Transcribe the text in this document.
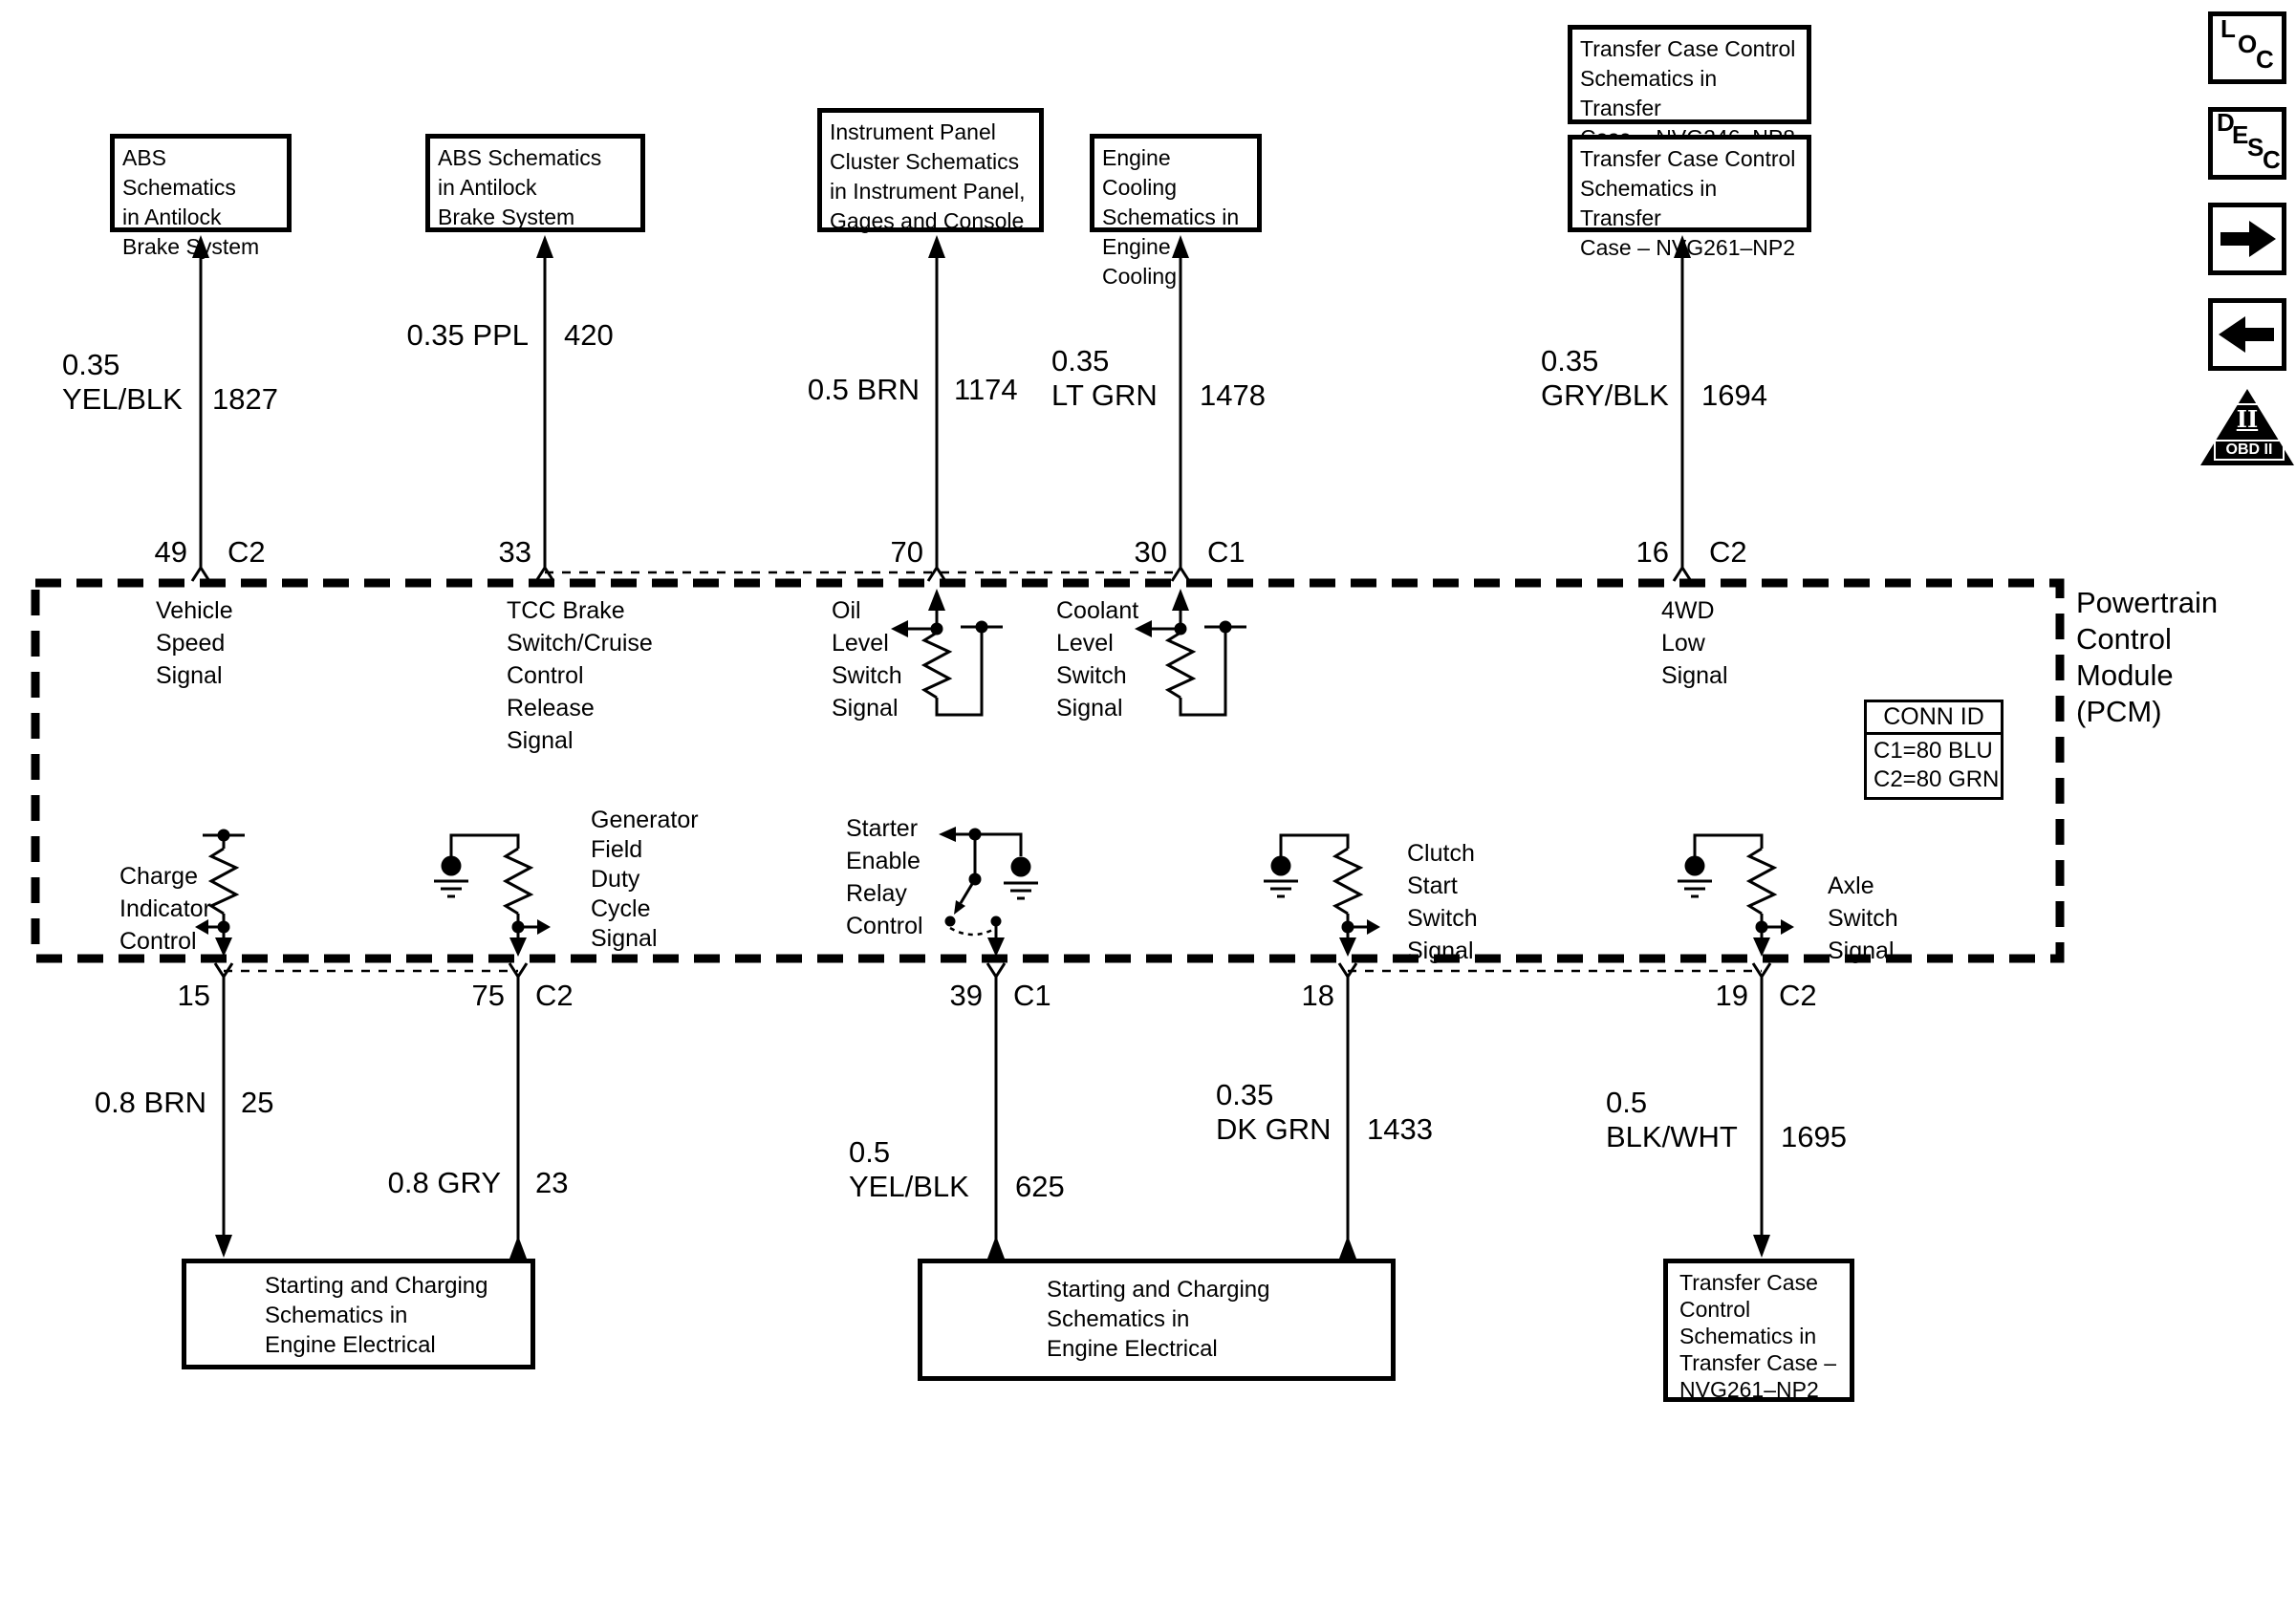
ABS Schematics
in Antilock
Brake System
ABS Schematics
in Antilock
Brake System
Instrument Panel
Cluster Schematics
in Instrument Panel,
Gages and Console
Engine Cooling
Schematics in
Engine Cooling
Transfer Case Control
Schematics in Transfer

Transfer Case Control
Schematics in Transfer
Case – NVG261–NP2
Starting and Charging
Schematics in
Engine Electrical
Starting and Charging
Schematics in
Engine Electrical
Transfer Case
Control
Schematics in
Transfer Case –
NVG261–NP2
0.35
YEL/BLK 1827
0.35 PPL 420
0.5 BRN 1174
0.35
LT GRN 1478
0.35
GRY/BLK 1694
0.8 BRN 25
0.8 GRY 23
0.5
YEL/BLK 625
0.35
DK GRN 1433
0.5
BLK/WHT 1695
49 C2	33	70	30 C1	16 C2
15	75 C2	39 C1	18	19 C2
Vehicle
Speed
Signal
TCC Brake
Switch/Cruise
Control
Release
Signal
Oil
Level
Switch
Signal
Coolant
Level
Switch
Signal
4WD
Low
Signal
Charge
Indicator
Control
Generator
Field
Duty
Cycle
Signal
Starter
Enable
Relay
Control
Clutch
Start
Switch
Signal
Axle
Switch
Signal
Powertrain
Control
Module
(PCM)
CONN ID
C1=80 BLU
C2=80 GRN
L
O
C
D
E
S
C
II
OBD II
